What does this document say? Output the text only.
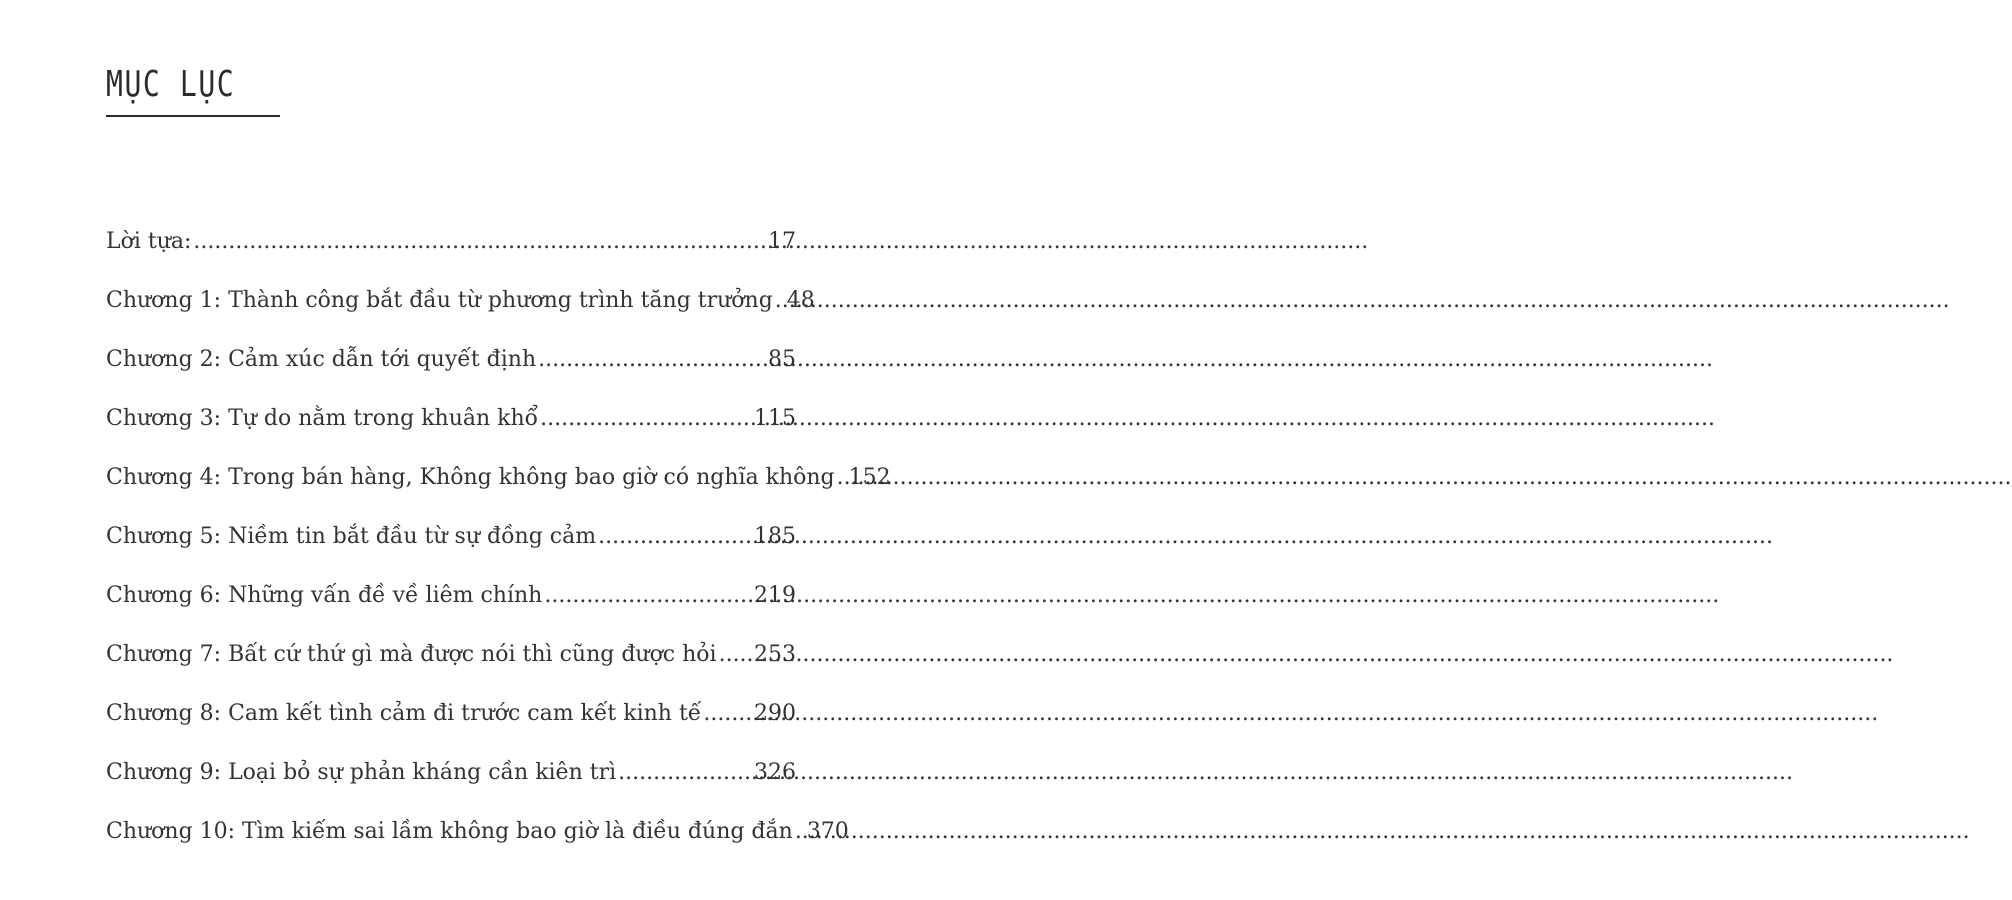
MỤC LỤC
Lời tựa: .....	17
Chương 1: Thành công bắt đầu từ phương trình tăng trưởng ..... 48
Chương 2: Cảm xúc dẫn tới quyết định .....	85
Chương 3: Tự do nằm trong khuân khổ .....	115
Chương 4: Trong bán hàng, Không không bao giờ có nghĩa không ..... 152
Chương 5: Niềm tin bắt đầu từ sự đồng cảm .....	185
Chương 6: Những vấn đề về liêm chính .....	219
Chương 7: Bất cứ thứ gì mà được nói thì cũng được hỏi ..... 253
Chương 8: Cam kết tình cảm đi trước cam kết kinh tế ..... 290
Chương 9: Loại bỏ sự phản kháng cần kiên trì .....	326
Chương 10: Tìm kiếm sai lầm không bao giờ là điều đúng đắn ..... 370
